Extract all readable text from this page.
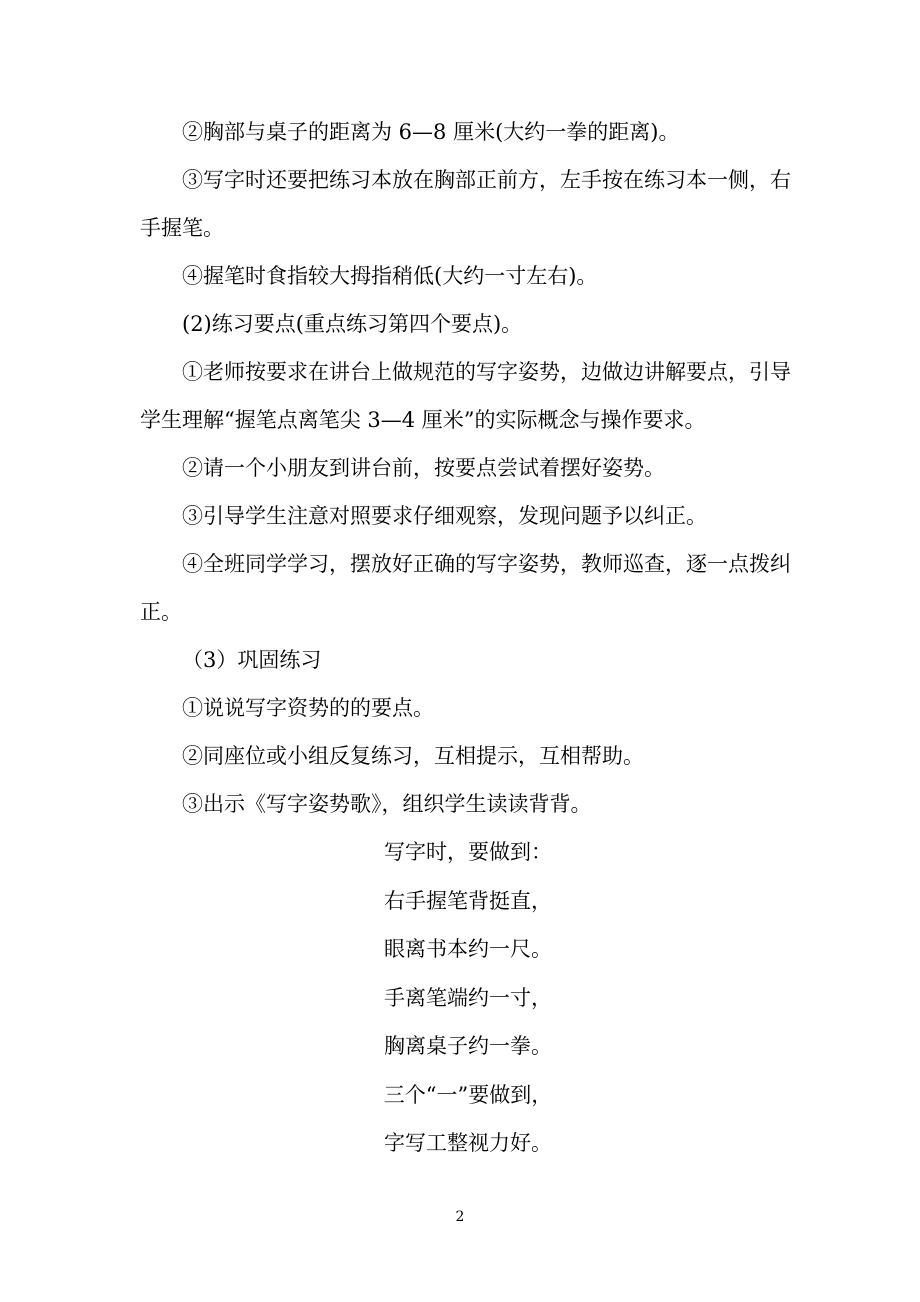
②胸部与桌子的距离为 6—8 厘米(大约一拳的距离)。

③写字时还要把练习本放在胸部正前方，左手按在练习本一侧，右手握笔。

④握笔时食指较大拇指稍低(大约一寸左右)。

(2)练习要点(重点练习第四个要点)。

①老师按要求在讲台上做规范的写字姿势，边做边讲解要点，引导学生理解“握笔点离笔尖 3—4 厘米”的实际概念与操作要求。

②请一个小朋友到讲台前，按要点尝试着摆好姿势。

③引导学生注意对照要求仔细观察，发现问题予以纠正。

④全班同学学习，摆放好正确的写字姿势，教师巡查，逐一点拨纠正。

（3）巩固练习

①说说写字资势的的要点。

②同座位或小组反复练习，互相提示，互相帮助。

③出示《写字姿势歌》，组织学生读读背背。

写字时，要做到：

右手握笔背挺直，

眼离书本约一尺。

手离笔端约一寸，

胸离桌子约一拳。

三个“一”要做到，

字写工整视力好。

2
